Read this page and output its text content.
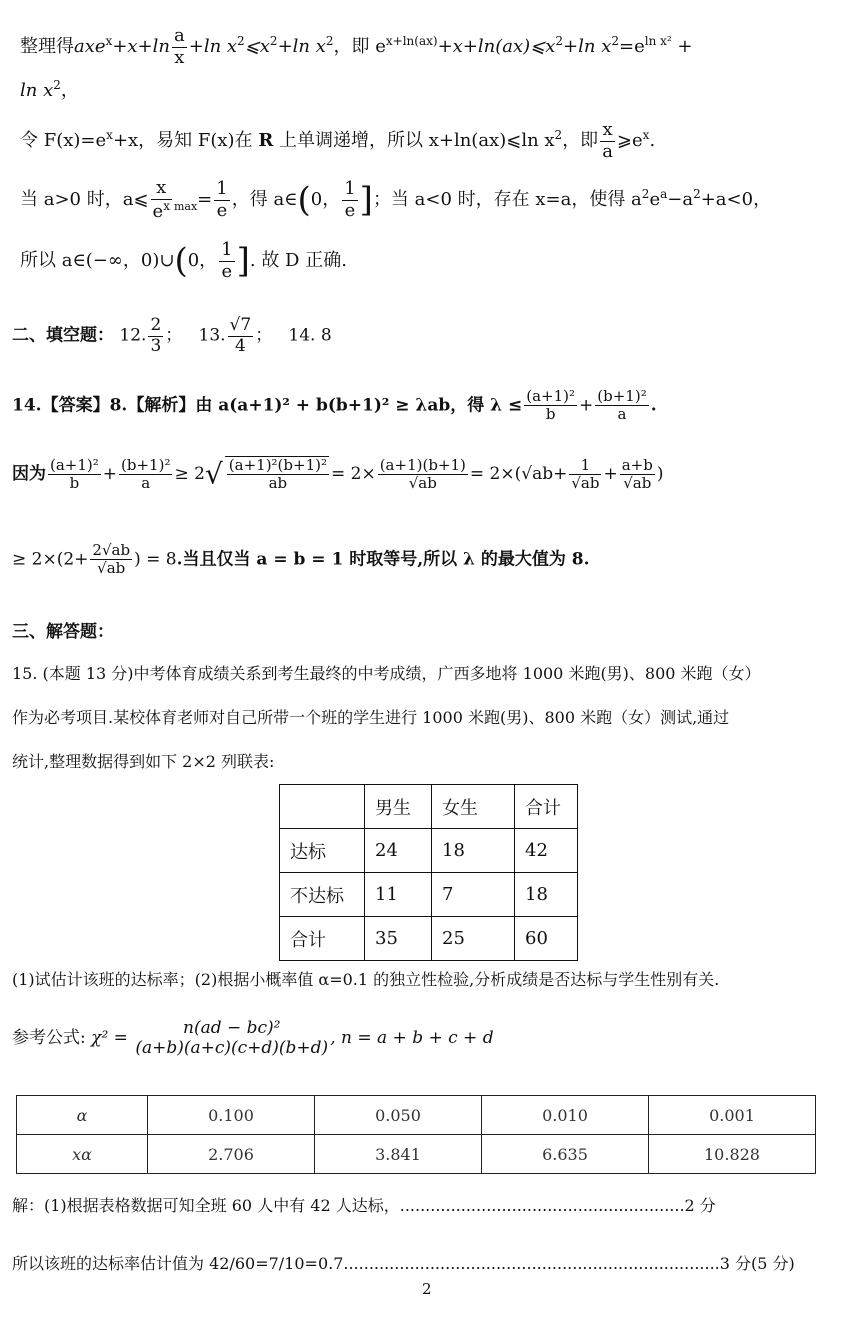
整理得$axe^x+x+\ln \frac{a}{x} +\ln$ $x^2⩽x^2+\ln$ $x^2$，即 $e^{x+ln(ax)}+x+\ln(ax)⩽x^2+\ln$ $x^2=e^{ln x^2}$ +
$\ln x^2$，
令 $F(x)=e^x+x$，易知 F(x)在 R 上单调递增，所以 x+ln(ax)⩽ln $x^2$，即 $\frac{x}{a}$ $⩾e^x$.
当 a>0 时，a⩽ $\frac{x}{e^x} _{max}= \frac{1}{e}$ ，得 a∈(0， $\frac{1}{e}$ ]；当 a<0 时，存在 x=a，使得 $a^2e^a-a^2+a<0$，
所以 a∈(−∞，0)∪(0， $\frac{1}{e}$ ]. 故 D 正确.
二、填空题： 12. $\frac{2}{3}$ ； 13. $\frac{√7}{4}$ ； 14. 8
14.【答案】8.【解析】由 a(a+1)² + b(b+1)² ≥ λab，得 $\lambda \le \frac{\text{(a+1)²}}{b} + \frac{\text{(b+1)²}}{a}$ .
因为 $\frac{\text{(a+1)²}}{b} + \frac{\text{(b+1)²}}{a} \ge 2√ \frac{\text{(a+1)²(b+1)²}}{ab} = 2\times \frac{(a+1)(b+1)}{√ab} = 2\times(√ab+ \frac{1}{√ab} + \frac{a+b}{√ab}$ )
≥ $2\times(2+ \frac{2√ab}{√ab}$ ) = 8.当且仅当 a = b = 1 时取等号,所以 λ 的最大值为 8.
三、解答题：
15. (本题 13 分)中考体育成绩关系到考生最终的中考成绩，广西多地将 1000 米跑(男)、800 米跑（女）
作为必考项目.某校体育老师对自己所带一个班的学生进行 1000 米跑(男)、800 米跑（女）测试,通过
统计,整理数据得到如下 2×2 列联表:
	男生	女生	合计
达标	24	18	42
不达标	11	7	18
合计	35	25	60
(1)试估计该班的达标率；(2)根据小概率值 α=0.1 的独立性检验,分析成绩是否达标与学生性别有关.
参考公式: χ² =	n(ad − bc)²
(a+b)(a+c)(c+d)(b+d)
, n = a + b + c + d
α	0.100	0.050	0.010	0.001
xα	2.706	3.841	6.635	10.828
解：(1)根据表格数据可知全班 60 人中有 42 人达标，........................................................2 分
所以该班的达标率估计值为 42/60=7/10=0.7..........................................................................3 分(5 分)
2
